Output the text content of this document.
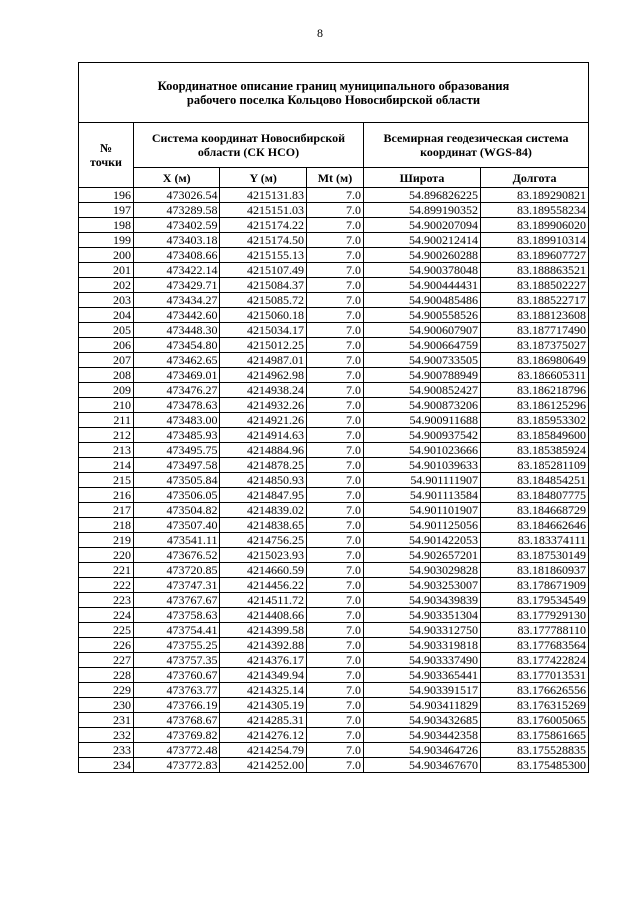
8
Координатное описание границ муниципального образования
рабочего поселка Кольцово Новосибирской области					
№
точки	Система координат Новосибирской
области (СК НСО)			Всемирная геодезическая система
координат (WGS-84)	
	X (м)	Y (м)	Mt (м)	Широта	Долгота
196	473026.54	4215131.83	7.0	54.896826225	83.189290821
197	473289.58	4215151.03	7.0	54.899190352	83.189558234
198	473402.59	4215174.22	7.0	54.900207094	83.189906020
199	473403.18	4215174.50	7.0	54.900212414	83.189910314
200	473408.66	4215155.13	7.0	54.900260288	83.189607727
201	473422.14	4215107.49	7.0	54.900378048	83.188863521
202	473429.71	4215084.37	7.0	54.900444431	83.188502227
203	473434.27	4215085.72	7.0	54.900485486	83.188522717
204	473442.60	4215060.18	7.0	54.900558526	83.188123608
205	473448.30	4215034.17	7.0	54.900607907	83.187717490
206	473454.80	4215012.25	7.0	54.900664759	83.187375027
207	473462.65	4214987.01	7.0	54.900733505	83.186980649
208	473469.01	4214962.98	7.0	54.900788949	83.186605311
209	473476.27	4214938.24	7.0	54.900852427	83.186218796
210	473478.63	4214932.26	7.0	54.900873206	83.186125296
211	473483.00	4214921.26	7.0	54.900911688	83.185953302
212	473485.93	4214914.63	7.0	54.900937542	83.185849600
213	473495.75	4214884.96	7.0	54.901023666	83.185385924
214	473497.58	4214878.25	7.0	54.901039633	83.185281109
215	473505.84	4214850.93	7.0	54.901111907	83.184854251
216	473506.05	4214847.95	7.0	54.901113584	83.184807775
217	473504.82	4214839.02	7.0	54.901101907	83.184668729
218	473507.40	4214838.65	7.0	54.901125056	83.184662646
219	473541.11	4214756.25	7.0	54.901422053	83.183374111
220	473676.52	4215023.93	7.0	54.902657201	83.187530149
221	473720.85	4214660.59	7.0	54.903029828	83.181860937
222	473747.31	4214456.22	7.0	54.903253007	83.178671909
223	473767.67	4214511.72	7.0	54.903439839	83.179534549
224	473758.63	4214408.66	7.0	54.903351304	83.177929130
225	473754.41	4214399.58	7.0	54.903312750	83.177788110
226	473755.25	4214392.88	7.0	54.903319818	83.177683564
227	473757.35	4214376.17	7.0	54.903337490	83.177422824
228	473760.67	4214349.94	7.0	54.903365441	83.177013531
229	473763.77	4214325.14	7.0	54.903391517	83.176626556
230	473766.19	4214305.19	7.0	54.903411829	83.176315269
231	473768.67	4214285.31	7.0	54.903432685	83.176005065
232	473769.82	4214276.12	7.0	54.903442358	83.175861665
233	473772.48	4214254.79	7.0	54.903464726	83.175528835
234	473772.83	4214252.00	7.0	54.903467670	83.175485300
